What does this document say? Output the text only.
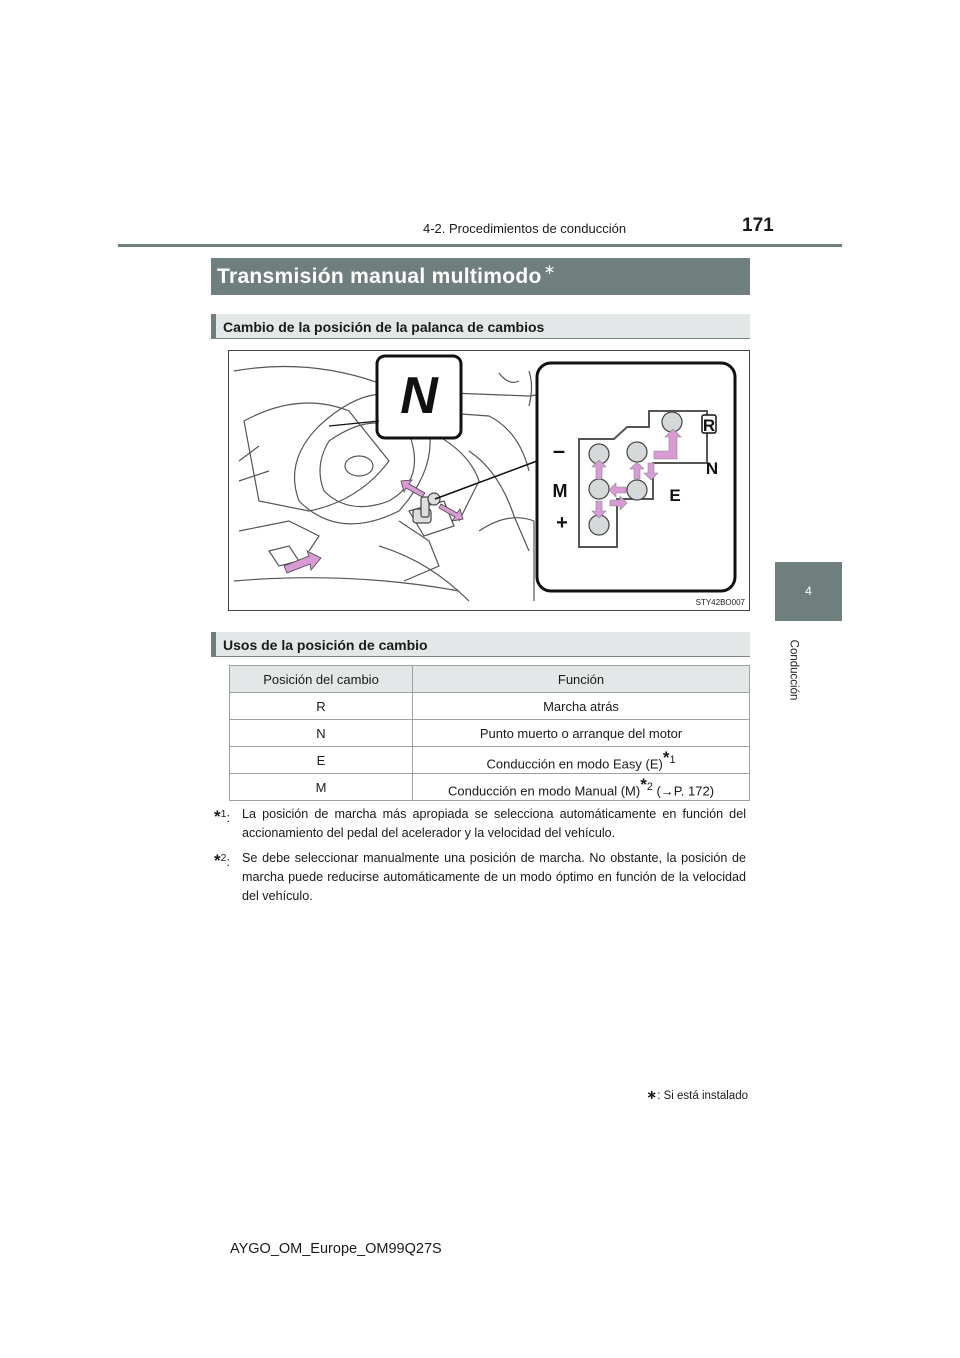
4-2. Procedimientos de conducción	171
4
Conducción
Transmisión manual multimodo ∗
Cambio de la posición de la palanca de cambios
N
–
M
+
R
N
E
STY42BO007
Usos de la posición de cambio
Posición del cambio	Función
R	Marcha atrás
N	Punto muerto o arranque del motor
E	Conducción en modo Easy $(E)^{*1}$
M	Conducción en modo Manual $(M)^{*2}$ (→P. 172)
*$^1$: La posición de marcha más apropiada se selecciona automáticamente en función del accionamiento del pedal del acelerador y la velocidad del vehículo.
*$^2$: Se debe seleccionar manualmente una posición de marcha. No obstante, la posición de marcha puede reducirse automáticamente de un modo óptimo en función de la velocidad del vehículo.
∗: Si está instalado
AYGO_OM_Europe_OM99Q27S
